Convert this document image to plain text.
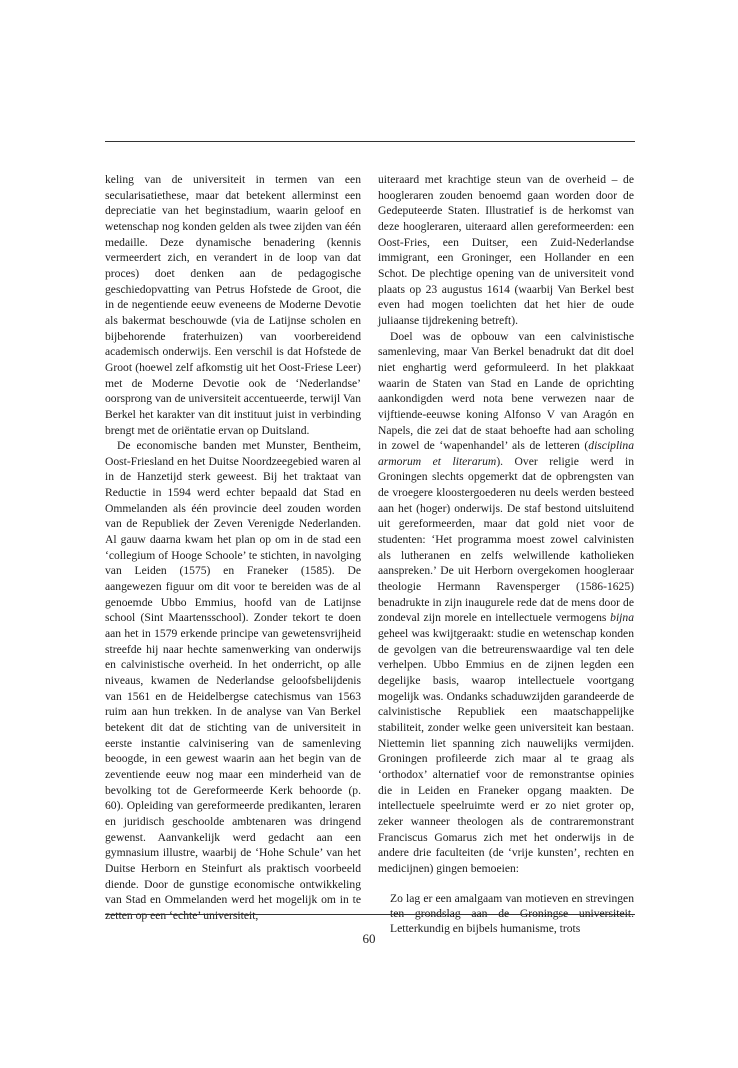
keling van de universiteit in termen van een secularisatiethese, maar dat betekent allerminst een depreciatie van het beginstadium, waarin geloof en wetenschap nog konden gelden als twee zijden van één medaille. Deze dynamische benadering (kennis vermeerdert zich, en verandert in de loop van dat proces) doet denken aan de pedagogische geschiedopvatting van Petrus Hofstede de Groot, die in de negentiende eeuw eveneens de Moderne Devotie als bakermat beschouwde (via de Latijnse scholen en bijbehorende fraterhuizen) van voorbereidend academisch onderwijs. Een verschil is dat Hofstede de Groot (hoewel zelf afkomstig uit het Oost-Friese Leer) met de Moderne Devotie ook de ‘Nederlandse’ oorsprong van de universiteit accentueerde, terwijl Van Berkel het karakter van dit instituut juist in verbinding brengt met de oriëntatie ervan op Duitsland.

De economische banden met Munster, Bentheim, Oost-Friesland en het Duitse Noordzeegebied waren al in de Hanzetijd sterk geweest. Bij het traktaat van Reductie in 1594 werd echter bepaald dat Stad en Ommelanden als één provincie deel zouden worden van de Republiek der Zeven Verenigde Nederlanden. Al gauw daarna kwam het plan op om in de stad een ‘collegium of Hooge Schoole’ te stichten, in navolging van Leiden (1575) en Franeker (1585). De aangewezen figuur om dit voor te bereiden was de al genoemde Ubbo Emmius, hoofd van de Latijnse school (Sint Maartensschool). Zonder tekort te doen aan het in 1579 erkende principe van gewetensvrijheid streefde hij naar hechte samenwerking van onderwijs en calvinistische overheid. In het onderricht, op alle niveaus, kwamen de Nederlandse geloofsbelijdenis van 1561 en de Heidelbergse catechismus van 1563 ruim aan hun trekken. In de analyse van Van Berkel betekent dit dat de stichting van de universiteit in eerste instantie calvinisering van de samenleving beoogde, in een gewest waarin aan het begin van de zeventiende eeuw nog maar een minderheid van de bevolking tot de Gereformeerde Kerk behoorde (p. 60). Opleiding van gereformeerde predikanten, leraren en juridisch geschoolde ambtenaren was dringend gewenst. Aanvankelijk werd gedacht aan een gymnasium illustre, waarbij de ‘Hohe Schule’ van het Duitse Herborn en Steinfurt als praktisch voorbeeld diende. Door de gunstige economische ontwikkeling van Stad en Ommelanden werd het mogelijk om in te zetten op een ‘echte’ universiteit,

uiteraard met krachtige steun van de overheid – de hoogleraren zouden benoemd gaan worden door de Gedeputeerde Staten. Illustratief is de herkomst van deze hoogleraren, uiteraard allen gereformeerden: een Oost-Fries, een Duitser, een Zuid-Nederlandse immigrant, een Groninger, een Hollander en een Schot. De plechtige opening van de universiteit vond plaats op 23 augustus 1614 (waarbij Van Berkel best even had mogen toelichten dat het hier de oude juliaanse tijdrekening betreft).

Doel was de opbouw van een calvinistische samenleving, maar Van Berkel benadrukt dat dit doel niet enghartig werd geformuleerd. In het plakkaat waarin de Staten van Stad en Lande de oprichting aankondigden werd nota bene verwezen naar de vijftiende-eeuwse koning Alfonso V van Aragón en Napels, die zei dat de staat behoefte had aan scholing in zowel de ‘wapenhandel’ als de letteren (disciplina armorum et literarum). Over religie werd in Groningen slechts opgemerkt dat de opbrengsten van de vroegere kloostergoederen nu deels werden besteed aan het (hoger) onderwijs. De staf bestond uitsluitend uit gereformeerden, maar dat gold niet voor de studenten: ‘Het programma moest zowel calvinisten als lutheranen en zelfs welwillende katholieken aanspreken.’ De uit Herborn overgekomen hoogleraar theologie Hermann Ravensperger (1586-1625) benadrukte in zijn inaugurele rede dat de mens door de zondeval zijn morele en intellectuele vermogens bijna geheel was kwijtgeraakt: studie en wetenschap konden de gevolgen van die betreurenswaardige val ten dele verhelpen. Ubbo Emmius en de zijnen legden een degelijke basis, waarop intellectuele voortgang mogelijk was. Ondanks schaduwzijden garandeerde de calvinistische Republiek een maatschappelijke stabiliteit, zonder welke geen universiteit kan bestaan. Niettemin liet spanning zich nauwelijks vermijden. Groningen profileerde zich maar al te graag als ‘orthodox’ alternatief voor de remonstrantse opinies die in Leiden en Franeker opgang maakten. De intellectuele speelruimte werd er zo niet groter op, zeker wanneer theologen als de contraremonstrant Franciscus Gomarus zich met het onderwijs in de andere drie faculteiten (de ‘vrije kunsten’, rechten en medicijnen) gingen bemoeien:

Zo lag er een amalgaam van motieven en strevingen ten grondslag aan de Groningse universiteit. Letterkundig en bijbels humanisme, trots

60
